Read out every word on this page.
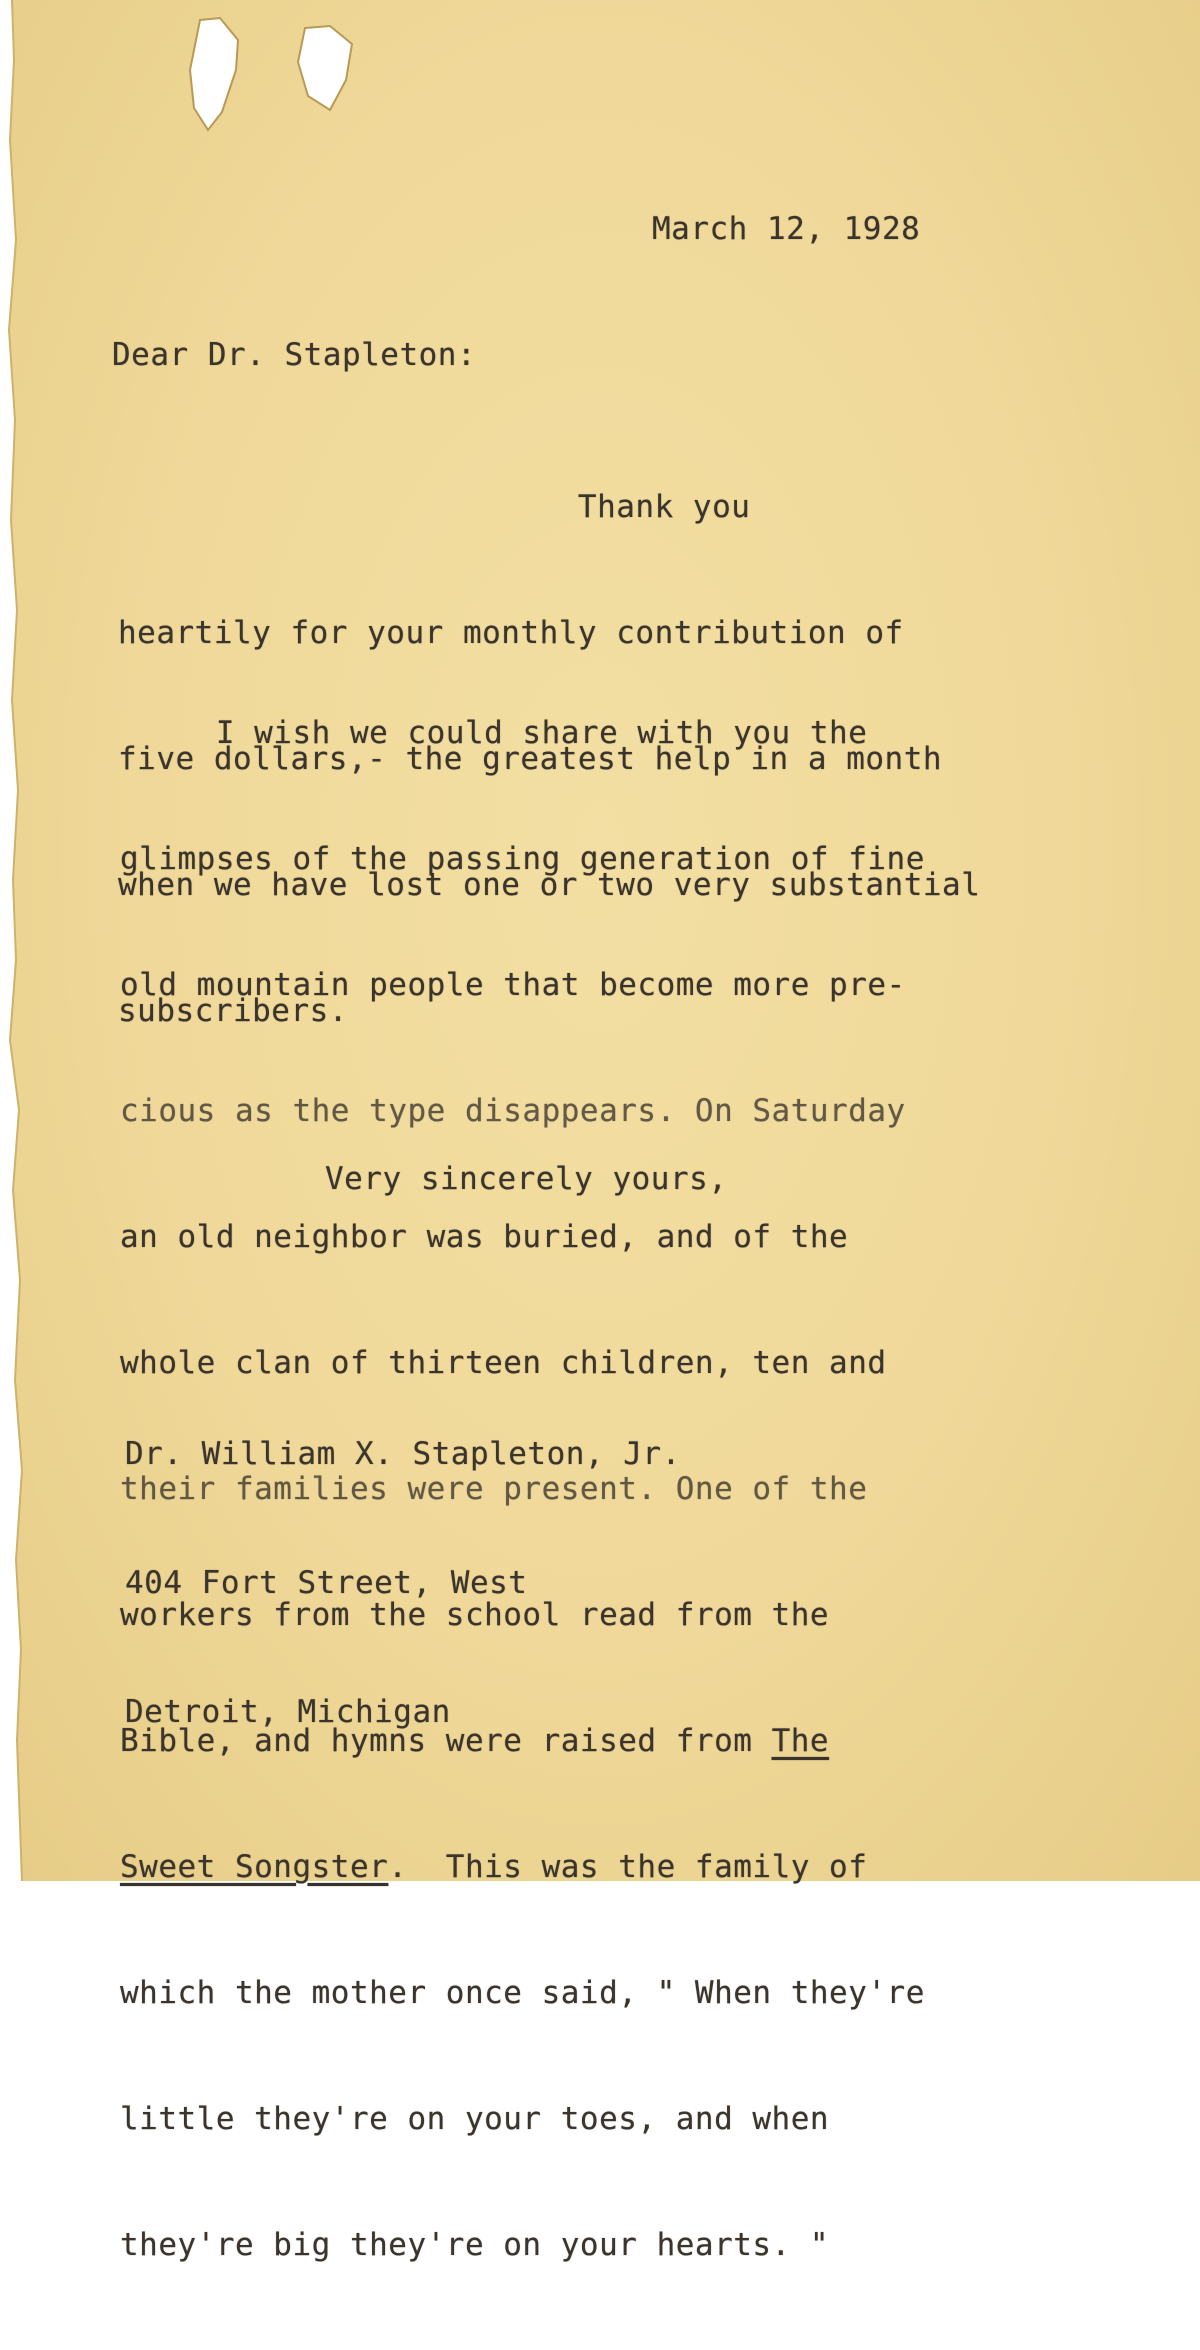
March 12, 1928
Dear Dr. Stapleton:

Thank you

heartily for your monthly contribution of

five dollars,- the greatest help in a month

when we have lost one or two very substantial

subscribers.

I wish we could share with you the

glimpses of the passing generation of fine

old mountain people that become more pre-

cious as the type disappears. On Saturday

an old neighbor was buried, and of the

whole clan of thirteen children, ten and

their families were present. One of the

workers from the school read from the

Bible, and hymns were raised from The

Sweet Songster.  This was the family of

which the mother once said, " When they're

little they're on your toes, and when

they're big they're on your hearts. "

Very sincerely yours,

Dr. William X. Stapleton, Jr.

404 Fort Street, West

Detroit, Michigan
